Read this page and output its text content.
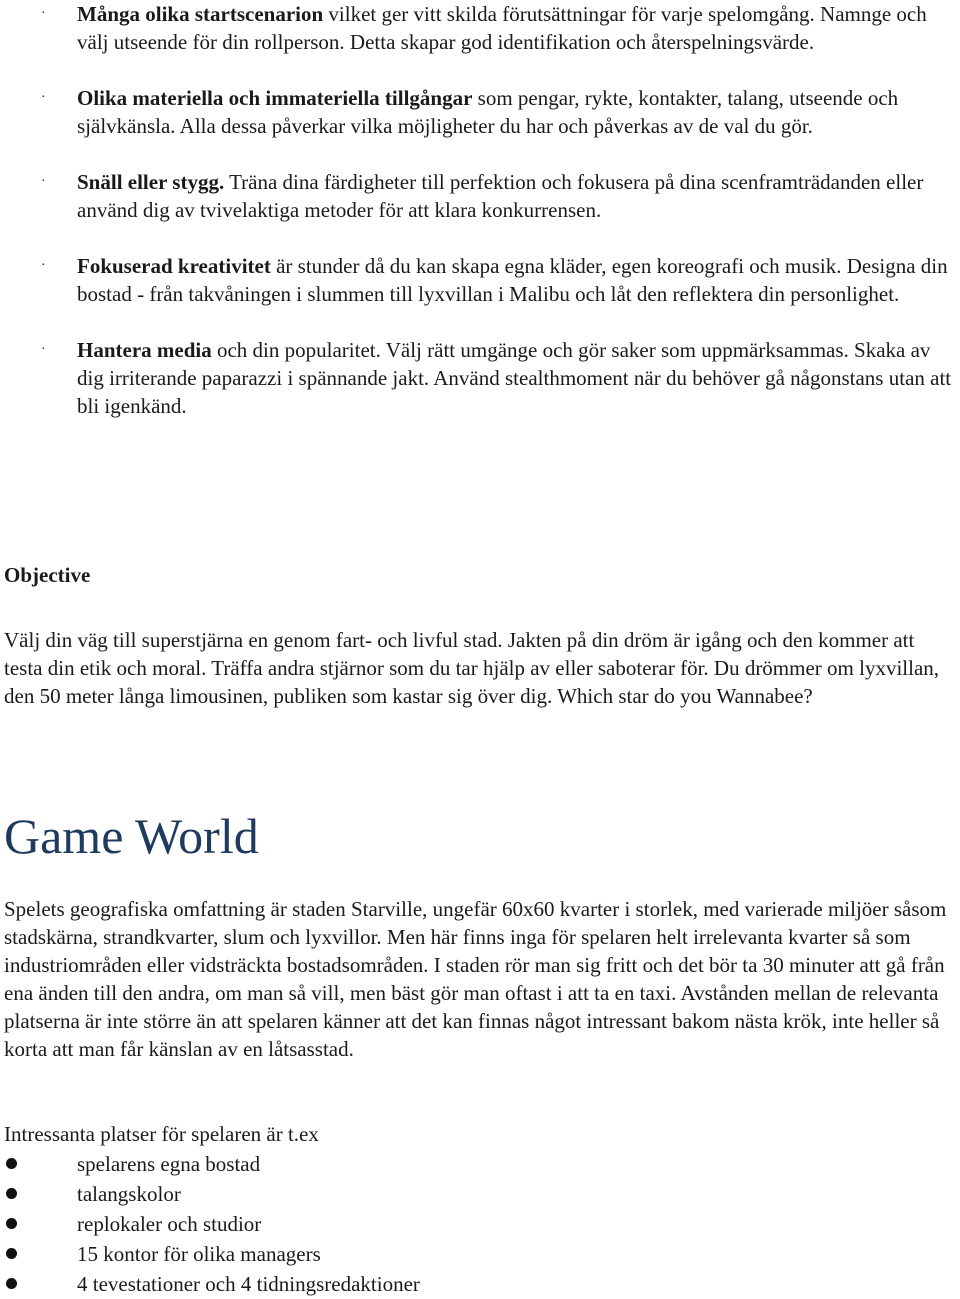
· Många olika startscenarion vilket ger vitt skilda förutsättningar för varje spelomgång. Namnge och välj utseende för din rollperson. Detta skapar god identifikation och återspelningsvärde.
· Olika materiella och immateriella tillgångar som pengar, rykte, kontakter, talang, utseende och självkänsla. Alla dessa påverkar vilka möjligheter du har och påverkas av de val du gör.
· Snäll eller stygg. Träna dina färdigheter till perfektion och fokusera på dina scenframträdanden eller använd dig av tvivelaktiga metoder för att klara konkurrensen.
· Fokuserad kreativitet är stunder då du kan skapa egna kläder, egen koreografi och musik. Designa din bostad - från takvåningen i slummen till lyxvillan i Malibu och låt den reflektera din personlighet.
· Hantera media och din popularitet. Välj rätt umgänge och gör saker som uppmärksammas. Skaka av dig irriterande paparazzi i spännande jakt. Använd stealthmoment när du behöver gå någonstans utan att bli igenkänd.
Objective

Välj din väg till superstjärna en genom fart- och livful stad. Jakten på din dröm är igång och den kommer att testa din etik och moral. Träffa andra stjärnor som du tar hjälp av eller saboterar för. Du drömmer om lyxvillan, den 50 meter långa limousinen, publiken som kastar sig över dig. Which star do you Wannabee?

Game World

Spelets geografiska omfattning är staden Starville, ungefär 60x60 kvarter i storlek, med varierade miljöer såsom stadskärna, strandkvarter, slum och lyxvillor. Men här finns inga för spelaren helt irrelevanta kvarter så som industriområden eller vidsträckta bostadsområden. I staden rör man sig fritt och det bör ta 30 minuter att gå från ena änden till den andra, om man så vill, men bäst gör man oftast i att ta en taxi. Avstånden mellan de relevanta platserna är inte större än att spelaren känner att det kan finnas något intressant bakom nästa krök, inte heller så korta att man får känslan av en låtsasstad.

Intressanta platser för spelaren är t.ex

spelarens egna bostad
talangskolor
replokaler och studior
15 kontor för olika managers
4 tevestationer och 4 tidningsredaktioner
